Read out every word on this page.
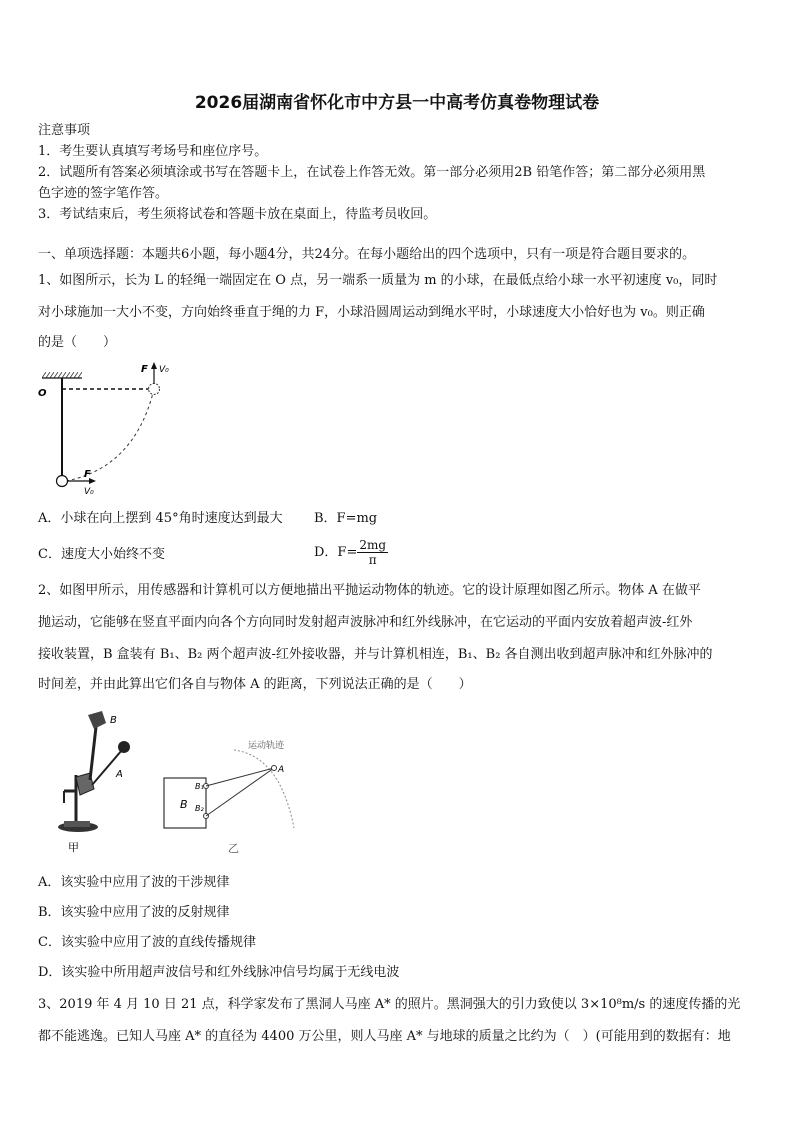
2026届湖南省怀化市中方县一中高考仿真卷物理试卷
注意事项
1．考生要认真填写考场号和座位序号。
2．试题所有答案必须填涂或书写在答题卡上，在试卷上作答无效。第一部分必须用2B 铅笔作答；第二部分必须用黑
色字迹的签字笔作答。
3．考试结束后，考生须将试卷和答题卡放在桌面上，待监考员收回。
一、单项选择题：本题共6小题，每小题4分，共24分。在每小题给出的四个选项中，只有一项是符合题目要求的。
1、如图所示，长为 L 的轻绳一端固定在 O 点，另一端系一质量为 m 的小球，在最低点给小球一水平初速度 v₀，同时
对小球施加一大小不变，方向始终垂直于绳的力 F，小球沿圆周运动到绳水平时，小球速度大小恰好也为 v₀。则正确
的是（　　）
O
F V₀
F
V₀
A．小球在向上摆到 45°角时速度达到最大 B．F=mg
C．速度大小始终不变	D．$F= \frac{2mg}{\pi}$
2、如图甲所示，用传感器和计算机可以方便地描出平抛运动物体的轨迹。它的设计原理如图乙所示。物体 A 在做平
抛运动，它能够在竖直平面内向各个方向同时发射超声波脉冲和红外线脉冲，在它运动的平面内安放着超声波-红外
接收装置，B 盒装有 B₁、B₂ 两个超声波-红外接收器，并与计算机相连，B₁、B₂ 各自测出收到超声脉冲和红外脉冲的
时间差，并由此算出它们各自与物体 A 的距离，下列说法正确的是（　　）
B
A
甲
运动轨迹
A
B
B₁
B₂
乙
A．该实验中应用了波的干涉规律
B．该实验中应用了波的反射规律
C．该实验中应用了波的直线传播规律
D．该实验中所用超声波信号和红外线脉冲信号均属于无线电波
3、2019 年 4 月 10 日 21 点，科学家发布了黑洞人马座 A* 的照片。黑洞强大的引力致使以 3×10⁸m/s 的速度传播的光
都不能逃逸。已知人马座 A* 的直径为 4400 万公里，则人马座 A* 与地球的质量之比约为（　）(可能用到的数据有：地
